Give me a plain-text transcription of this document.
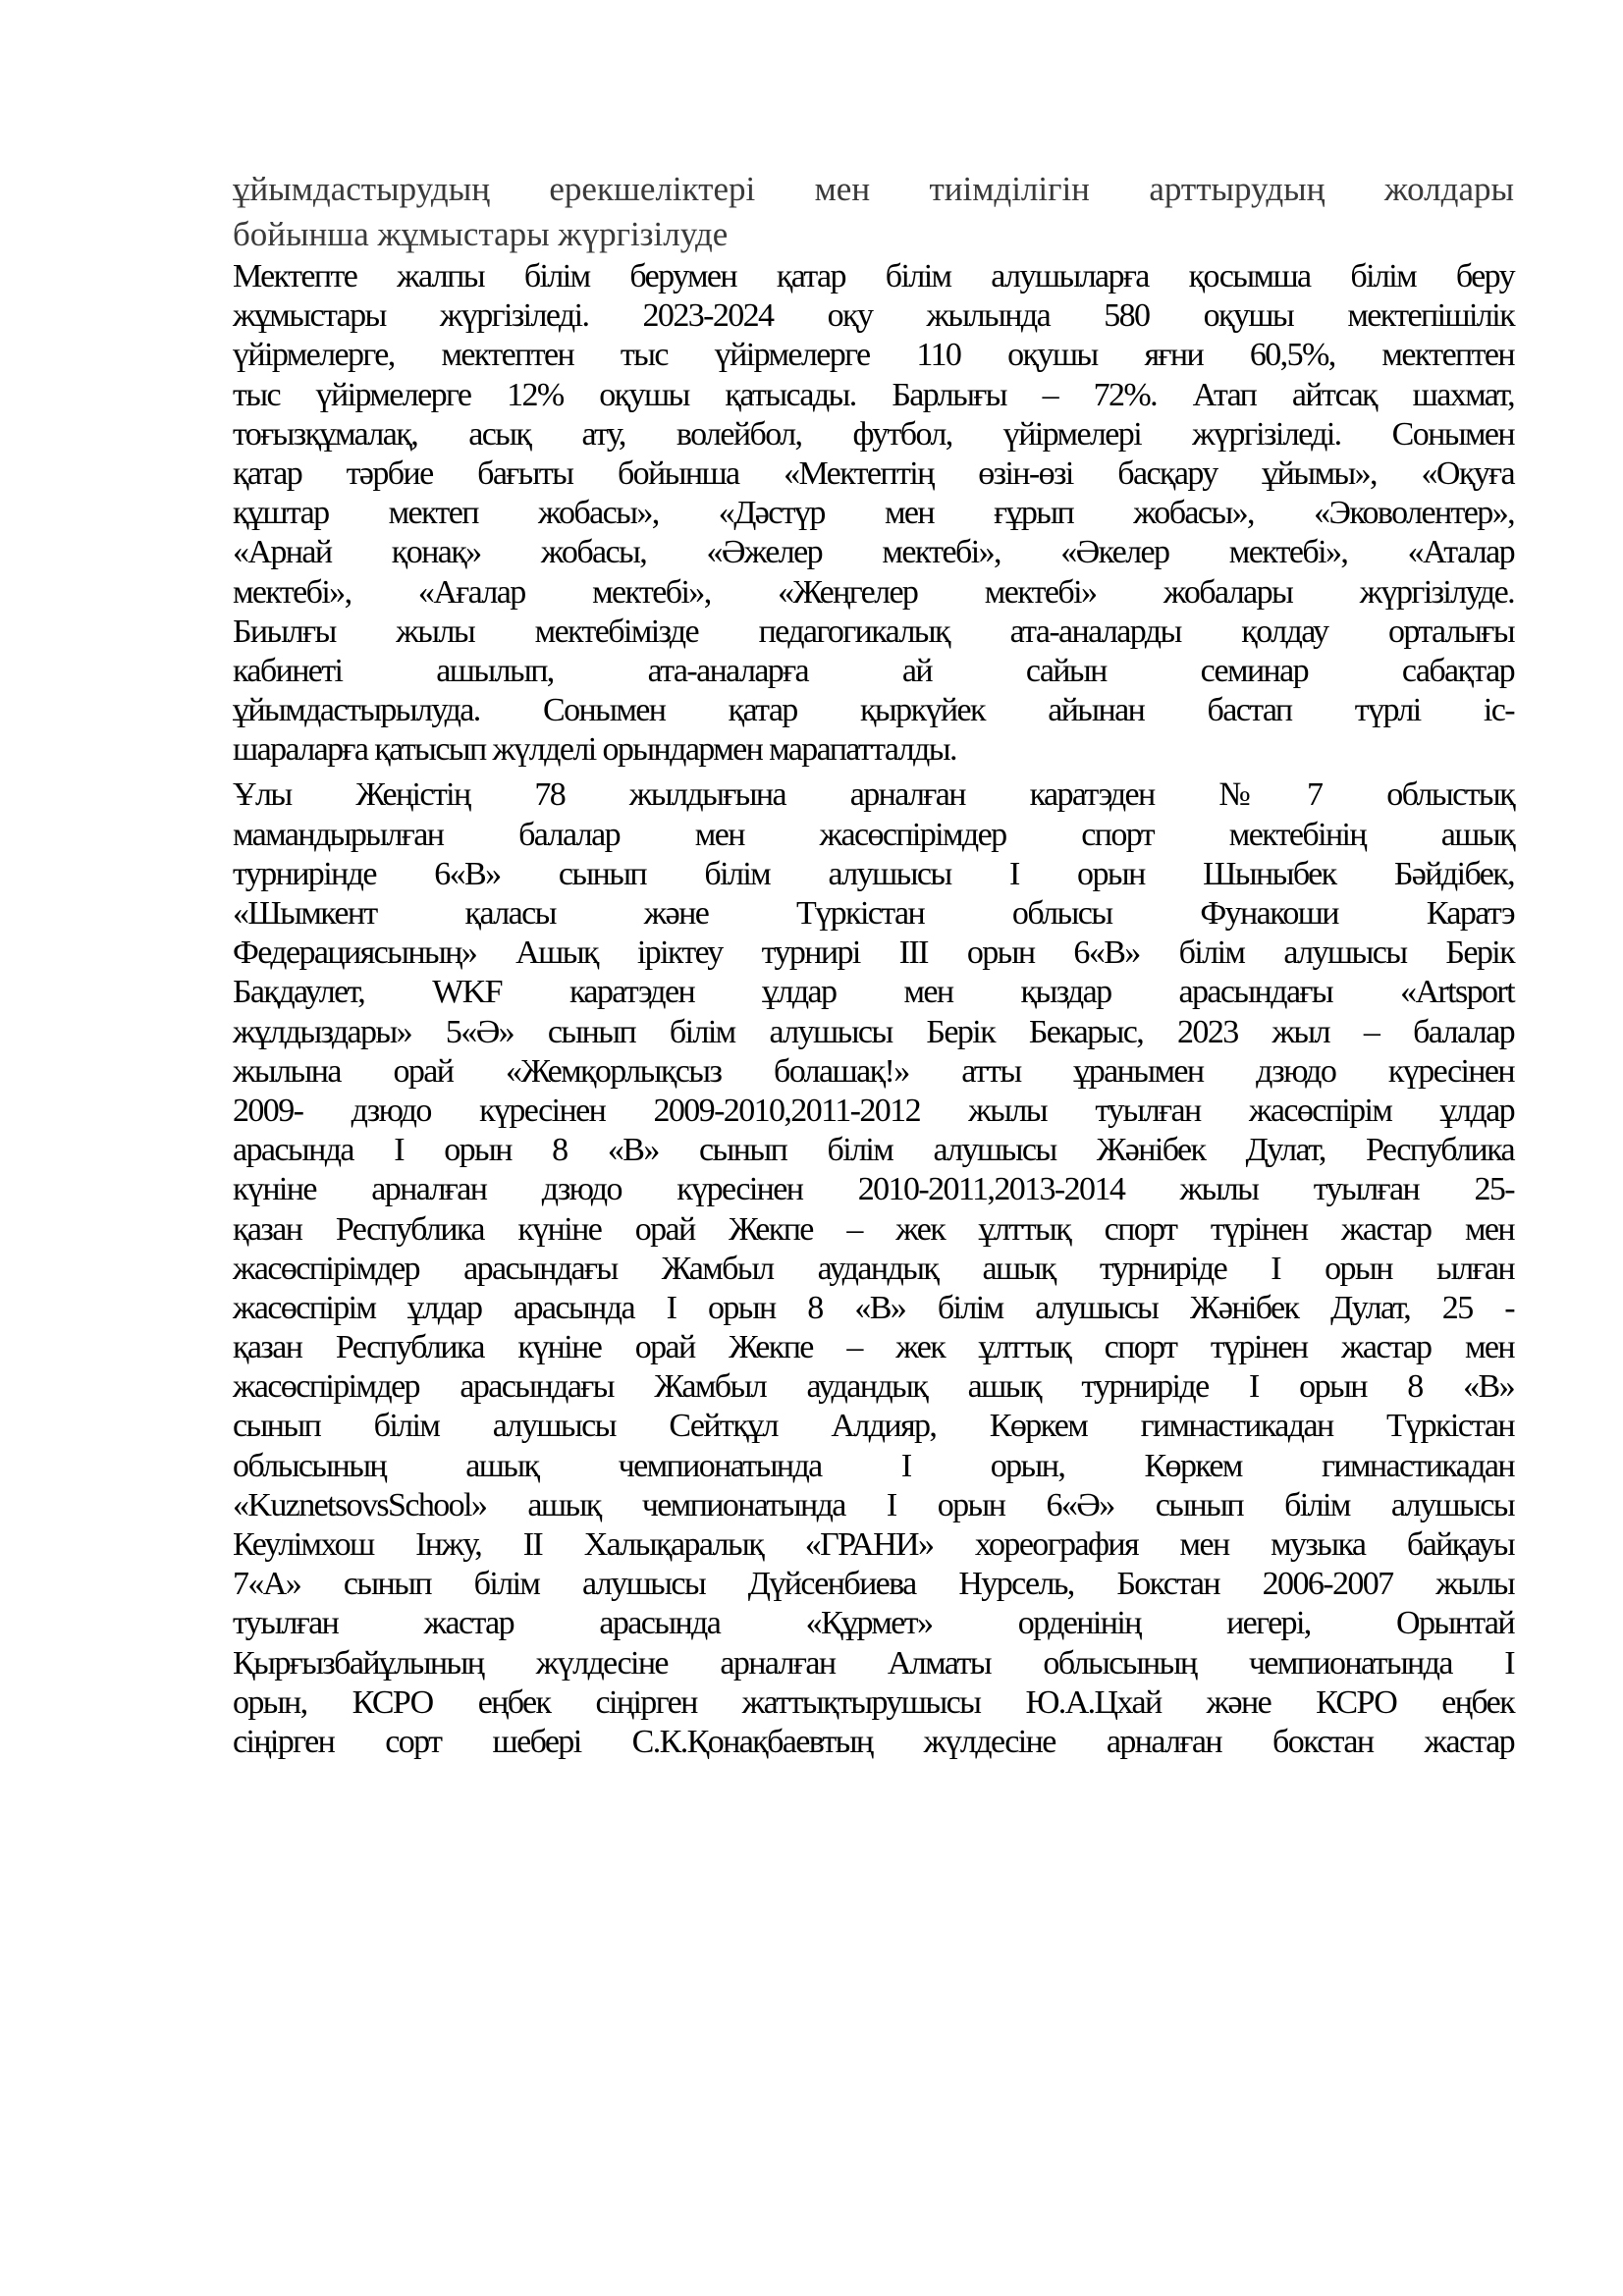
ұйымдастырудың ерекшеліктері мен тиімділігін арттырудың жолдары
бойынша жұмыстары жүргізілуде
Мектепте жалпы білім берумен қатар білім алушыларға қосымша білім беру
жұмыстары жүргізіледі. 2023-2024 оқу жылында 580 оқушы мектепішілік
үйірмелерге, мектептен тыс үйірмелерге 110 оқушы яғни 60,5%, мектептен
тыс үйірмелерге 12% оқушы қатысады. Барлығы – 72%. Атап айтсақ шахмат,
тоғызқұмалақ, асық ату, волейбол, футбол, үйірмелері жүргізіледі. Сонымен
қатар тәрбие бағыты бойынша «Мектептің өзін-өзі басқару ұйымы», «Оқуға
құштар мектеп жобасы», «Дәстүр мен ғұрып жобасы», «Эковолентер»,
«Арнай қонақ» жобасы, «Әжелер мектебі», «Әкелер мектебі», «Аталар
мектебі», «Ағалар мектебі», «Жеңгелер мектебі» жобалары жүргізілуде.
Биылғы жылы мектебімізде педагогикалық ата-аналарды қолдау орталығы
кабинеті ашылып, ата-аналарға ай сайын семинар сабақтар
ұйымдастырылуда. Сонымен қатар қыркүйек айынан бастап түрлі іс-
шараларға қатысып жүлделі орындармен марапатталды.
Ұлы Жеңістің 78 жылдығына арналған каратэден №7 облыстық
мамандырылған балалар мен жасөспірімдер спорт мектебінің ашық
турнирінде 6«В» сынып білім алушысы I орын Шыныбек Бәйдібек,
«Шымкент қаласы және Түркістан облысы Фунакоши Каратэ
Федерациясының» Ашық іріктеу турнирі III орын 6«В» білім алушысы Берік
Бақдаулет, WKF каратэден ұлдар мен қыздар арасындағы «Artsport
жұлдыздары» 5«Ә» сынып білім алушысы Берік Бекарыс, 2023 жыл – балалар
жылына орай «Жемқорлықсыз болашақ!» атты ұранымен дзюдо күресінен
2009- дзюдо күресінен 2009-2010,2011-2012 жылы туылған жасөспірім ұлдар
арасында I орын 8 «В» сынып білім алушысы Жәнібек Дулат, Республика
күніне арналған дзюдо күресінен 2010-2011,2013-2014 жылы туылған 25-
қазан Республика күніне орай Жекпе – жек ұлттық спорт түрінен жастар мен
жасөспірімдер арасындағы Жамбыл аудандық ашық турниріде I орын ылған
жасөспірім ұлдар арасында I орын 8 «В» білім алушысы Жәнібек Дулат, 25 -
қазан Республика күніне орай Жекпе – жек ұлттық спорт түрінен жастар мен
жасөспірімдер арасындағы Жамбыл аудандық ашық турниріде I орын 8 «В»
сынып білім алушысы Сейтқұл Алдияр, Көркем гимнастикадан Түркістан
облысының ашық чемпионатында I орын, Көркем гимнастикадан
«KuznetsovsSchool» ашық чемпионатында I орын 6«Ә» сынып білім алушысы
Кеулімхош Інжу, II Халықаралық «ГРАНИ» хореография мен музыка байқауы
7«А» сынып білім алушысы Дүйсенбиева Нурсель, Бокстан 2006-2007 жылы
туылған жастар арасында «Құрмет» орденінің иегері, Орынтай
Қырғызбайұлының жүлдесіне арналған Алматы облысының чемпионатында I
орын, КСРО еңбек сіңірген жаттықтырушысы Ю.А.Цхай және КСРО еңбек
сіңірген сорт шебері С.К.Қонақбаевтың жүлдесіне арналған бокстан жастар
